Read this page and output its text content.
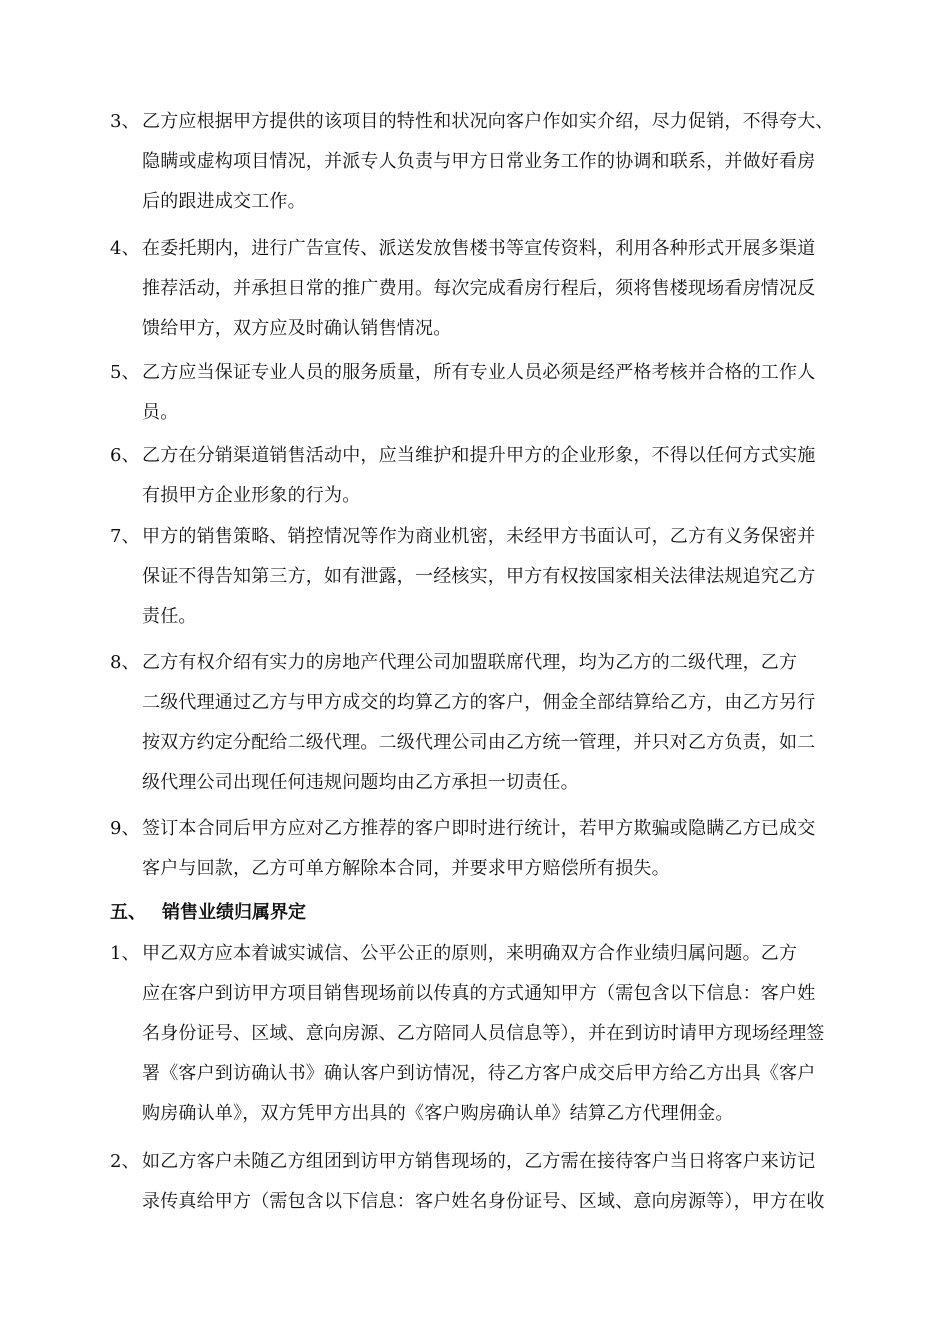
3、 乙方应根据甲方提供的该项目的特性和状况向客户作如实介绍，尽力促销，不得夸大、
隐瞒或虚构项目情况，并派专人负责与甲方日常业务工作的协调和联系，并做好看房
后的跟进成交工作。
4、 在委托期内，进行广告宣传、派送发放售楼书等宣传资料，利用各种形式开展多渠道
推荐活动，并承担日常的推广费用。每次完成看房行程后，须将售楼现场看房情况反
馈给甲方，双方应及时确认销售情况。
5、 乙方应当保证专业人员的服务质量，所有专业人员必须是经严格考核并合格的工作人
员。
6、 乙方在分销渠道销售活动中，应当维护和提升甲方的企业形象，不得以任何方式实施
有损甲方企业形象的行为。
7、 甲方的销售策略、销控情况等作为商业机密，未经甲方书面认可，乙方有义务保密并
保证不得告知第三方，如有泄露，一经核实，甲方有权按国家相关法律法规追究乙方
责任。
8、 乙方有权介绍有实力的房地产代理公司加盟联席代理，均为乙方的二级代理，乙方
二级代理通过乙方与甲方成交的均算乙方的客户，佣金全部结算给乙方，由乙方另行
按双方约定分配给二级代理。二级代理公司由乙方统一管理，并只对乙方负责，如二
级代理公司出现任何违规问题均由乙方承担一切责任。
9、 签订本合同后甲方应对乙方推荐的客户即时进行统计，若甲方欺骗或隐瞒乙方已成交
客户与回款，乙方可单方解除本合同，并要求甲方赔偿所有损失。
五、 销售业绩归属界定
1、 甲乙双方应本着诚实诚信、公平公正的原则，来明确双方合作业绩归属问题。乙方
应在客户到访甲方项目销售现场前以传真的方式通知甲方（需包含以下信息：客户姓
名身份证号、区域、意向房源、乙方陪同人员信息等），并在到访时请甲方现场经理签
署《客户到访确认书》确认客户到访情况，待乙方客户成交后甲方给乙方出具《客户
购房确认单》，双方凭甲方出具的《客户购房确认单》结算乙方代理佣金。
2、 如乙方客户未随乙方组团到访甲方销售现场的，乙方需在接待客户当日将客户来访记
录传真给甲方（需包含以下信息：客户姓名身份证号、区域、意向房源等），甲方在收
